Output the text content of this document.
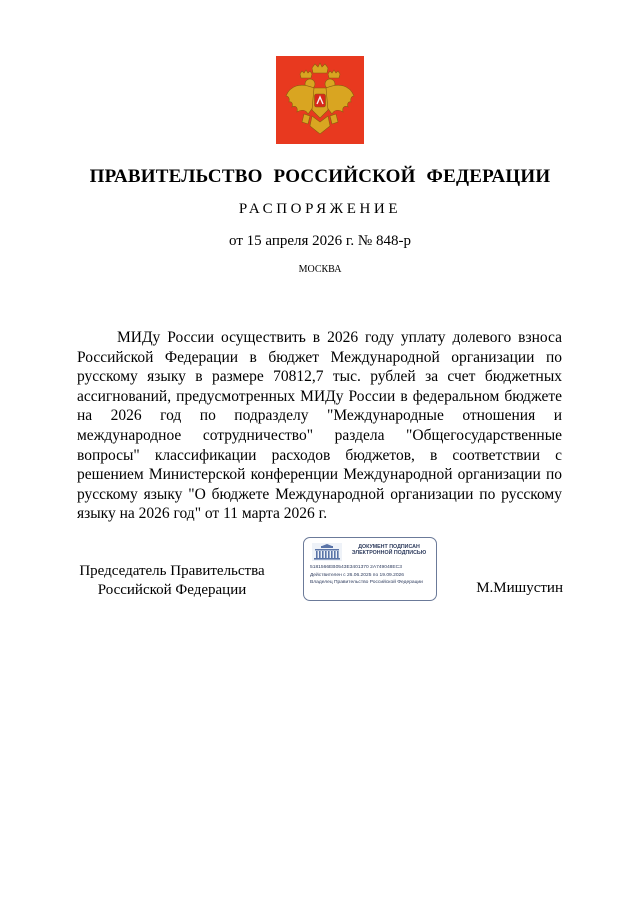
ПРАВИТЕЛЬСТВО РОССИЙСКОЙ ФЕДЕРАЦИИ
РАСПОРЯЖЕНИЕ
от 15 апреля 2026 г. № 848-р
МОСКВА
МИДу России осуществить в 2026 году уплату долевого взноса Российской Федерации в бюджет Международной организации по русскому языку в размере 70812,7 тыс. рублей за счет бюджетных ассигнований, предусмотренных МИДу России в федеральном бюджете на 2026 год по подразделу "Международные отношения и международное сотрудничество" раздела "Общегосударственные вопросы" классификации расходов бюджетов, в соответствии с решением Министерской конференции Международной организации по русскому языку "О бюджете Международной организации по русскому языку на 2026 год" от 11 марта 2026 г.
Председатель Правительства Российской Федерации
ДОКУМЕНТ ПОДПИСАН ЭЛЕКТРОННОЙ ПОДПИСЬЮ
5181566EB0543E3401370 2A749048EC3
Действителен с 26.06.2025 по 19.09.2026
Владелец Правительство Российской Федерации	М.Мишустин
